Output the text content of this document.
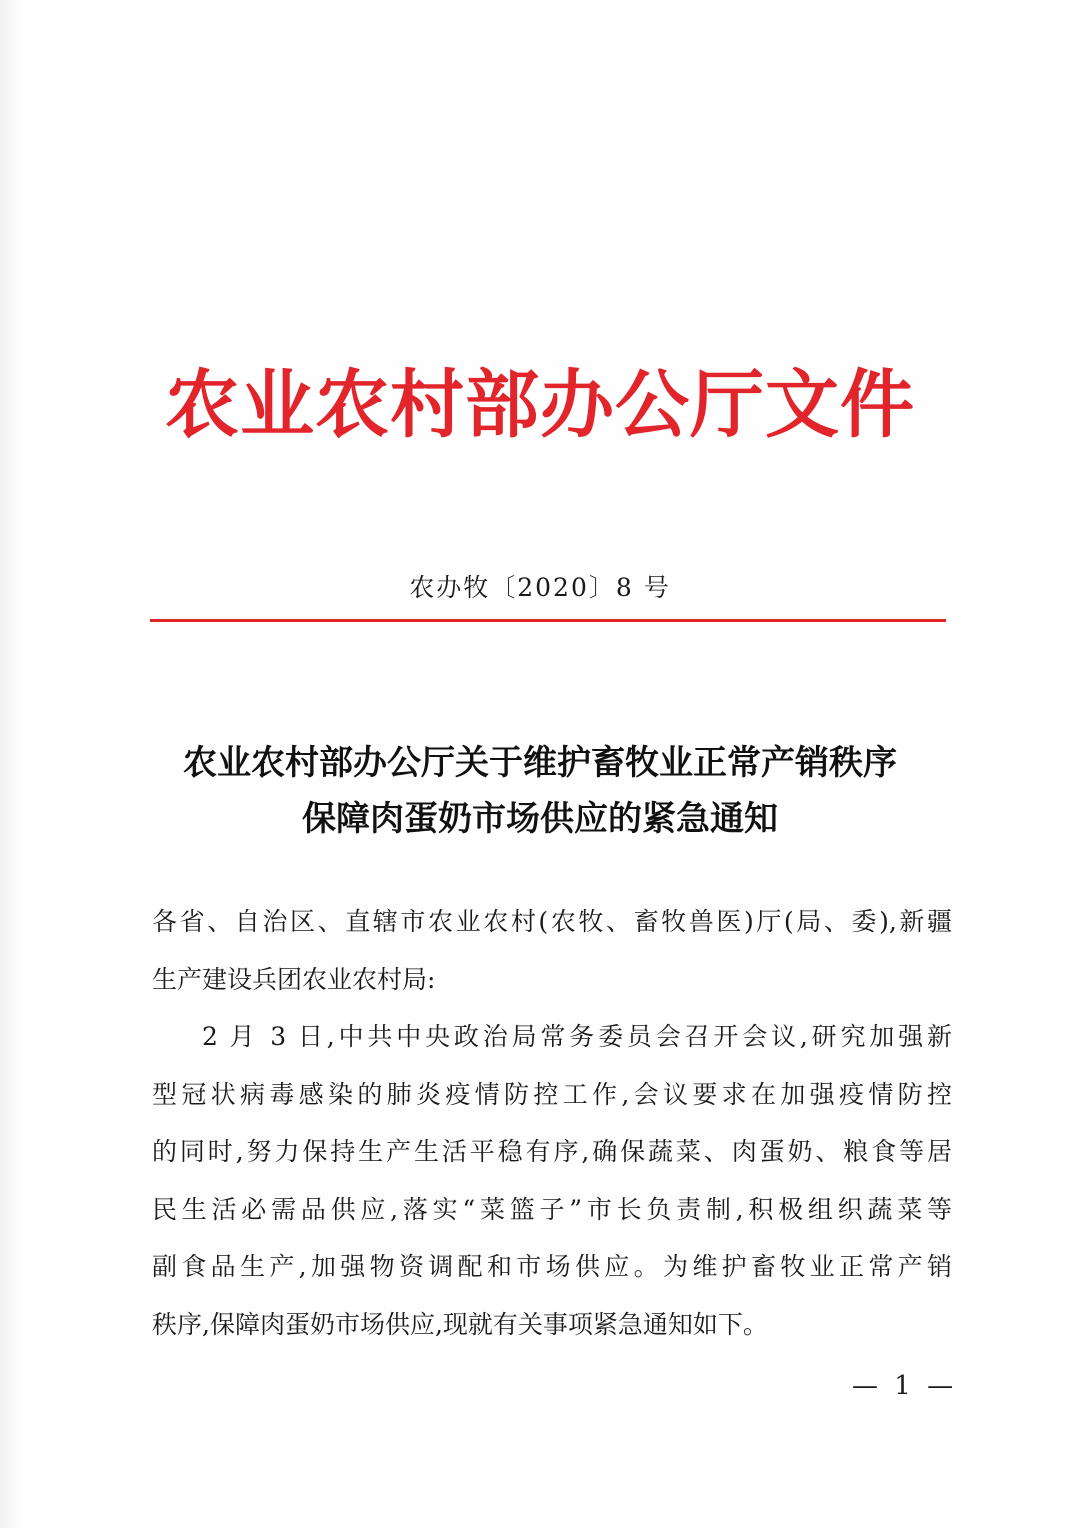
农业农村部办公厅文件
农办牧〔2020〕8 号
农业农村部办公厅关于维护畜牧业正常产销秩序
保障肉蛋奶市场供应的紧急通知
各省、自治区、直辖市农业农村(农牧、畜牧兽医)厅(局、委),新疆
生产建设兵团农业农村局:
2 月 3 日,中共中央政治局常务委员会召开会议,研究加强新
型冠状病毒感染的肺炎疫情防控工作,会议要求在加强疫情防控
的同时,努力保持生产生活平稳有序,确保蔬菜、肉蛋奶、粮食等居
民生活必需品供应,落实“菜篮子”市长负责制,积极组织蔬菜等
副食品生产,加强物资调配和市场供应。为维护畜牧业正常产销
秩序,保障肉蛋奶市场供应,现就有关事项紧急通知如下。
— 1 —
